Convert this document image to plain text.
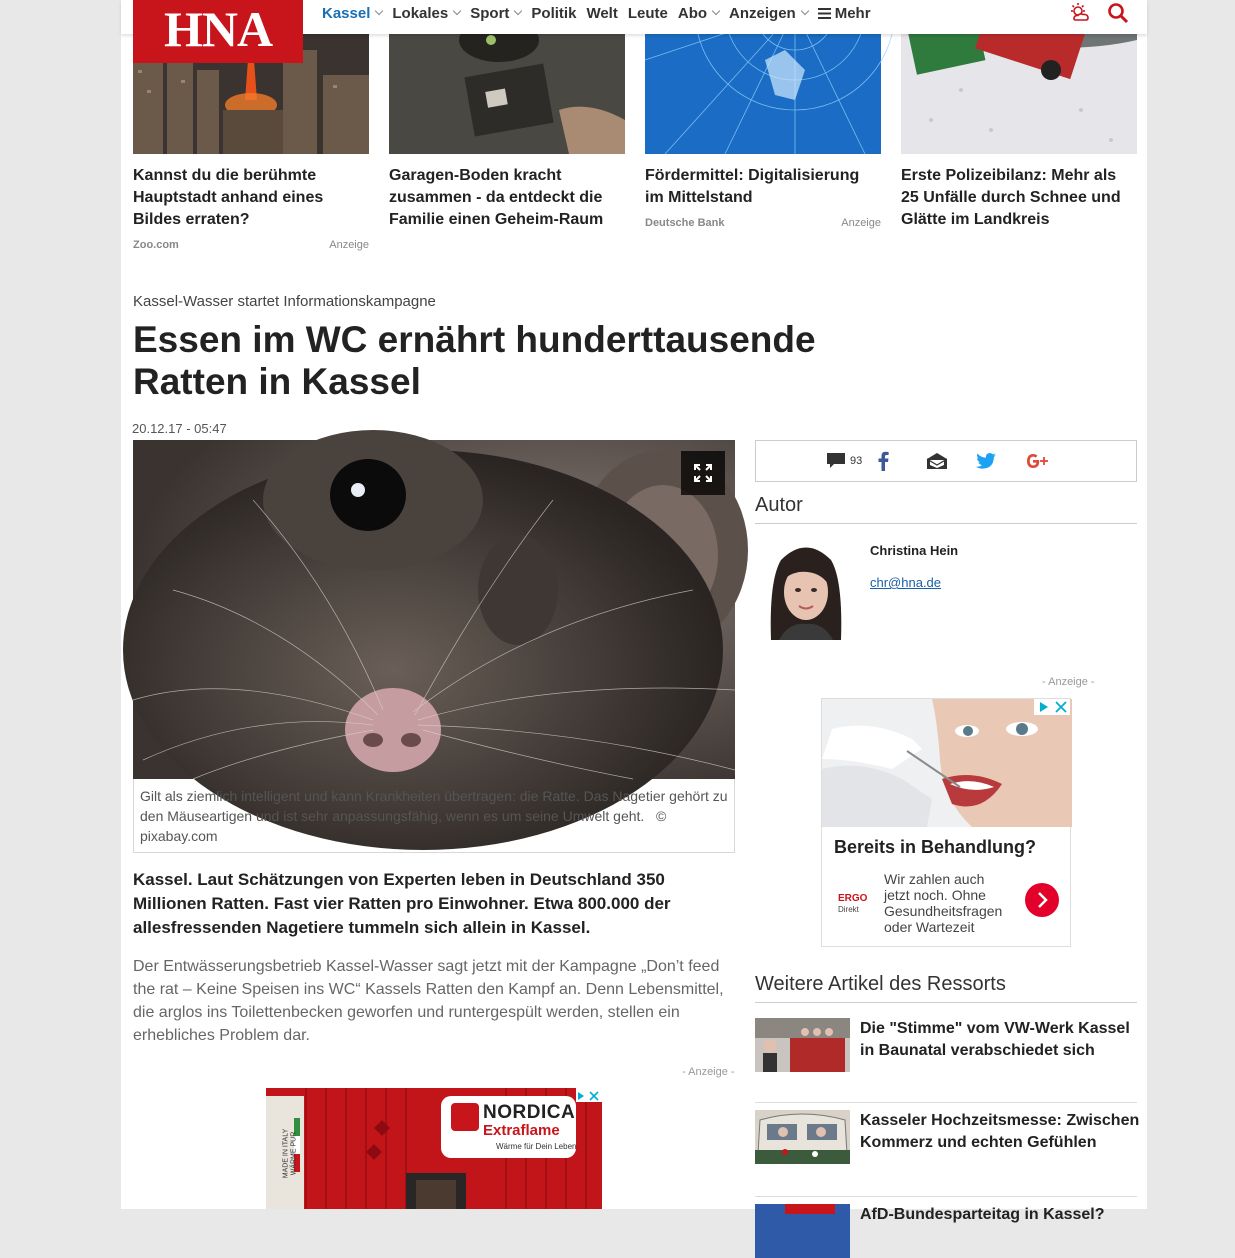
Kassel Lokales Sport Politik Welt Leute Abo Anzeigen	Mehr
HNA
Kannst du die berühmte Hauptstadt anhand eines Bildes erraten?
Zoo.com	Anzeige
Garagen-Boden kracht zusammen - da entdeckt die Familie einen Geheim-Raum
Fördermittel: Digitalisierung im Mittelstand
Deutsche Bank	Anzeige
Erste Polizeibilanz: Mehr als 25 Unfälle durch Schnee und Glätte im Landkreis
Kassel-Wasser startet Informationskampagne
Essen im WC ernährt hunderttausende Ratten in Kassel
20.12.17 - 05:47
Gilt als ziemlich intelligent und kann Krankheiten übertragen: die Ratte. Das Nagetier gehört zu den Mäuseartigen und ist sehr anpassungsfähig, wenn es um seine Umwelt geht. © pixabay.com

Kassel. Laut Schätzungen von Experten leben in Deutschland 350 Millionen Ratten. Fast vier Ratten pro Einwohner. Etwa 800.000 der allesfressenden Nagetiere tummeln sich allein in Kassel.

Der Entwässerungsbetrieb Kassel-Wasser sagt jetzt mit der Kampagne „Don’t feed the rat – Keine Speisen ins WC“ Kassels Ratten den Kampf an. Denn Lebensmittel, die arglos ins Toilettenbecken geworfen und runtergespült werden, stellen ein erhebliches Problem dar.

- Anzeige -
NORDICA
Extraflame
Wärme für Dein Leben.
MADE IN ITALY WÄRME PUR
93
Autor
Christina Hein
chr@hna.de
- Anzeige -
Bereits in Behandlung?
ERGO
Direkt
Wir zahlen auch jetzt noch. Ohne Gesundheitsfragen oder Wartezeit
Weitere Artikel des Ressorts
Die "Stimme" vom VW-Werk Kassel in Baunatal verabschiedet sich
Kasseler Hochzeitsmesse: Zwischen Kommerz und echten Gefühlen
AfD-Bundesparteitag in Kassel?
